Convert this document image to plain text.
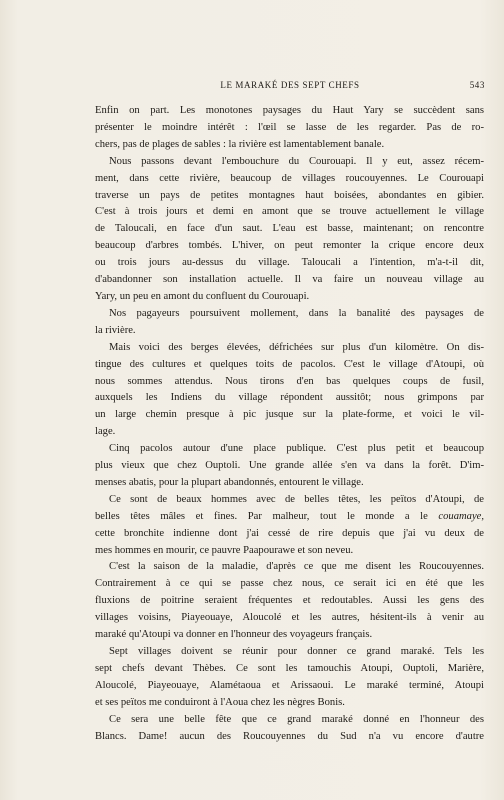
LE MARAKÉ DES SEPT CHEFS	543
Enfin on part. Les monotones paysages du Haut Yary se succèdent sans
présenter le moindre intérêt : l'œil se lasse de les regarder. Pas de ro-
chers, pas de plages de sables : la rivière est lamentablement banale.
Nous passons devant l'embouchure du Courouapi. Il y eut, assez récem-
ment, dans cette rivière, beaucoup de villages roucouyennes. Le Courouapi
traverse un pays de petites montagnes haut boisées, abondantes en gibier.
C'est à trois jours et demi en amont que se trouve actuellement le village
de Taloucali, en face d'un saut. L'eau est basse, maintenant; on rencontre
beaucoup d'arbres tombés. L'hiver, on peut remonter la crique encore deux
ou trois jours au-dessus du village. Taloucali a l'intention, m'a-t-il dit,
d'abandonner son installation actuelle. Il va faire un nouveau village au
Yary, un peu en amont du confluent du Courouapi.
Nos pagayeurs poursuivent mollement, dans la banalité des paysages de
la rivière.
Mais voici des berges élevées, défrichées sur plus d'un kilomètre. On dis-
tingue des cultures et quelques toits de pacolos. C'est le village d'Atoupi, où
nous sommes attendus. Nous tirons d'en bas quelques coups de fusil,
auxquels les Indiens du village répondent aussitôt; nous grimpons par
un large chemin presque à pic jusque sur la plate-forme, et voici le vil-
lage.
Cinq pacolos autour d'une place publique. C'est plus petit et beaucoup
plus vieux que chez Ouptoli. Une grande allée s'en va dans la forêt. D'im-
menses abatis, pour la plupart abandonnés, entourent le village.
Ce sont de beaux hommes avec de belles têtes, les peïtos d'Atoupi, de
belles têtes mâles et fines. Par malheur, tout le monde a le couamaye,
cette bronchite indienne dont j'ai cessé de rire depuis que j'ai vu deux de
mes hommes en mourir, ce pauvre Paapourawe et son neveu.
C'est la saison de la maladie, d'après ce que me disent les Roucouyennes.
Contrairement à ce qui se passe chez nous, ce serait ici en été que les
fluxions de poitrine seraient fréquentes et redoutables. Aussi les gens des
villages voisins, Piayeouaye, Aloucolé et les autres, hésitent-ils à venir au
maraké qu'Atoupi va donner en l'honneur des voyageurs français.
Sept villages doivent se réunir pour donner ce grand maraké. Tels les
sept chefs devant Thèbes. Ce sont les tamouchis Atoupi, Ouptoli, Marière,
Aloucolé, Piayeouaye, Alamétaoua et Arissaoui. Le maraké terminé, Atoupi
et ses peïtos me conduiront à l'Aoua chez les nègres Bonis.
Ce sera une belle fête que ce grand maraké donné en l'honneur des
Blancs. Dame! aucun des Roucouyennes du Sud n'a vu encore d'autre
